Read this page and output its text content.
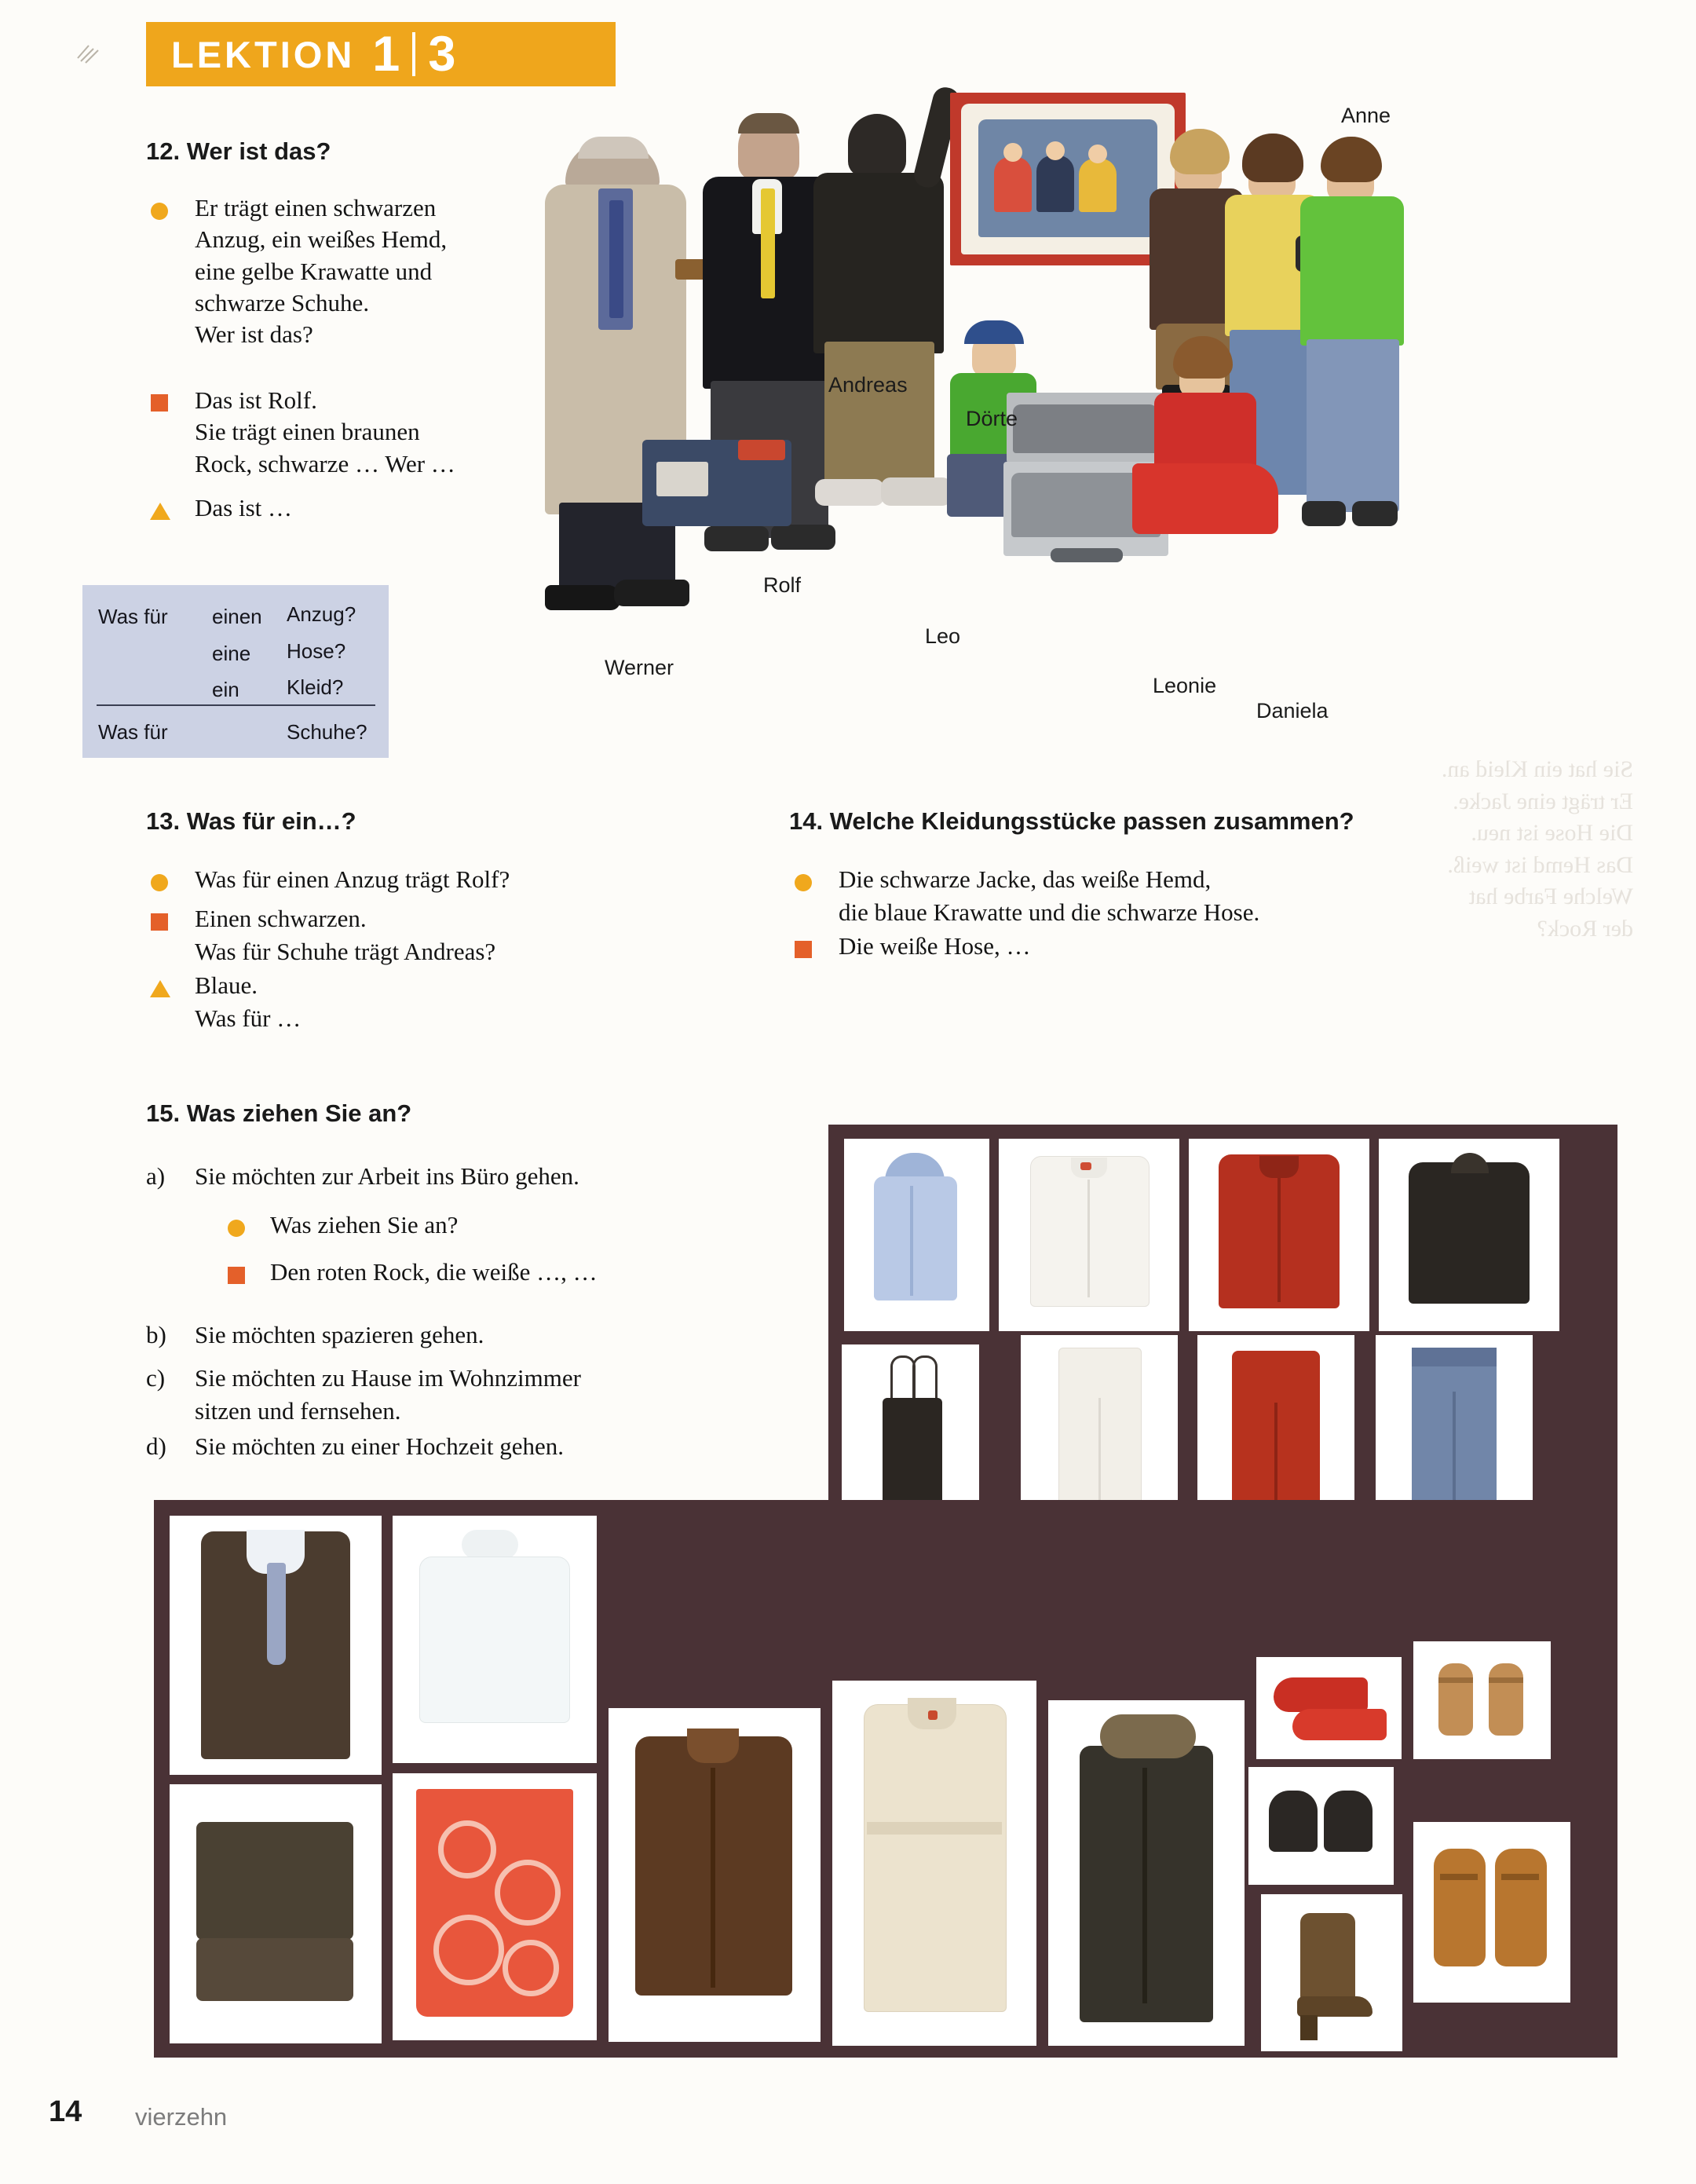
Sie hat ein Kleid an.
Er trägt eine Jacke.
Die Hose ist neu.
Das Hemd ist weiß.
Welche Farbe hat
der Rock?
LEKTION 1 3
12. Wer ist das?
Er trägt einen schwarzen
Anzug, ein weißes Hemd,
eine gelbe Krawatte und
schwarze Schuhe.
Wer ist das?
Das ist Rolf.
Sie trägt einen braunen
Rock, schwarze … Wer …
Das ist …
Was für einen Anzug?
eine Hose?
ein Kleid?
Was für	Schuhe?
Anne
Andreas
Dörte
Rolf
Werner
Leo
Leonie
Daniela
13. Was für ein…?
Was für einen Anzug trägt Rolf?
Einen schwarzen.
Was für Schuhe trägt Andreas?
Blaue.
Was für …
14. Welche Kleidungsstücke passen zusammen?
Die schwarze Jacke, das weiße Hemd,
die blaue Krawatte und die schwarze Hose.
Die weiße Hose, …
15. Was ziehen Sie an?
a) Sie möchten zur Arbeit ins Büro gehen.
Was ziehen Sie an?
Den roten Rock, die weiße …, …
b) Sie möchten spazieren gehen.
c) Sie möchten zu Hause im Wohnzimmer
sitzen und fernsehen.
d) Sie möchten zu einer Hochzeit gehen.
14 vierzehn
